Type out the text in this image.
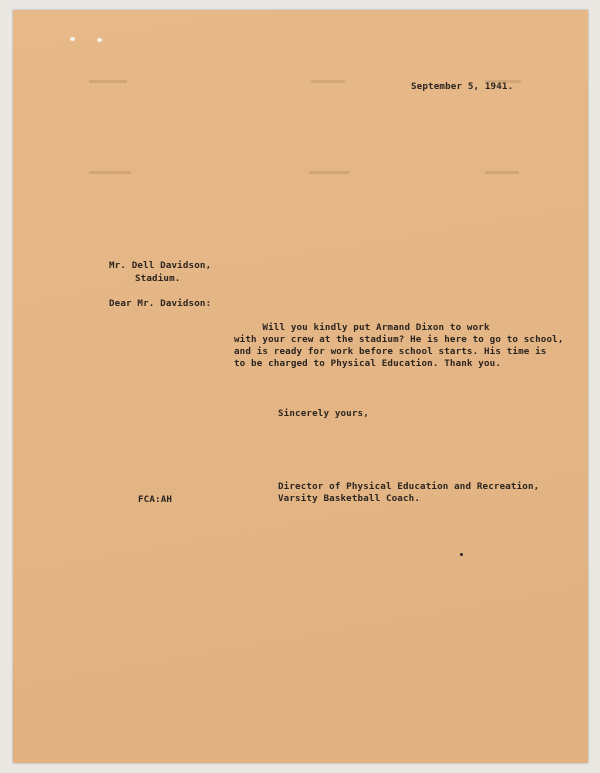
September 5, 1941.
Mr. Dell Davidson,
Stadium.
Dear Mr. Davidson:
Will you kindly put Armand Dixon to work
with your crew at the stadium? He is here to go to school,
and is ready for work before school starts. His time is
to be charged to Physical Education. Thank you.
Sincerely yours,
Director of Physical Education and Recreation,
Varsity Basketball Coach.
FCA:AH
